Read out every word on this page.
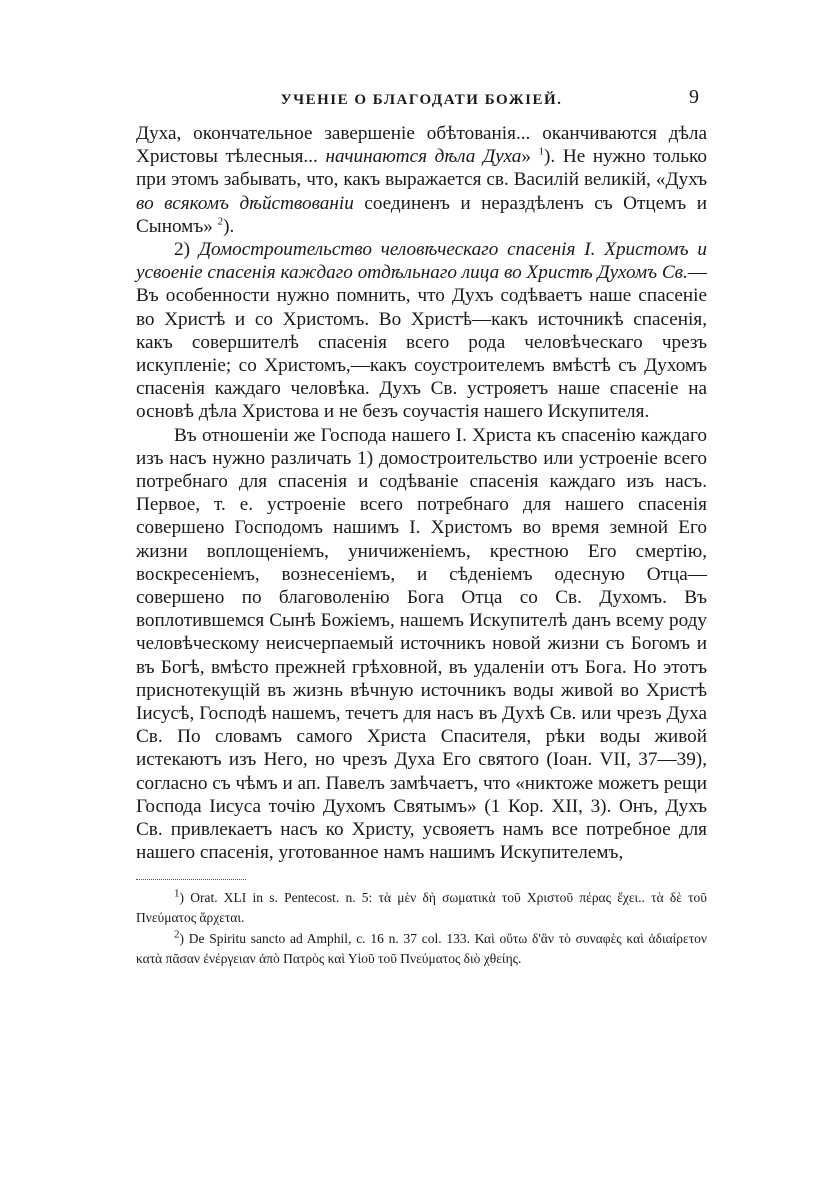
УЧЕНІЕ О БЛАГОДАТИ БОЖІЕЙ.	9

Духа, окончательное завершеніе обѣтованія... оканчиваются дѣла Христовы тѣлесныя... начинаются дѣла Духа» $^1$). Не нужно только при этомъ забывать, что, какъ выражается св. Василій великій, «Духъ во всякомъ дѣйствованіи соединенъ и нераздѣленъ съ Отцемъ и Сыномъ» $^2$).

2) Домостроительство человѣческаго спасенія І. Христомъ и усвоеніе спасенія каждаго отдѣльнаго лица во Христѣ Духомъ Св.—Въ особенности нужно помнить, что Духъ содѣваетъ наше спасеніе во Христѣ и со Христомъ. Во Христѣ—какъ источникѣ спасенія, какъ совершителѣ спасенія всего рода человѣческаго чрезъ искупленіе; со Христомъ,—какъ соустроителемъ вмѣстѣ съ Духомъ спасенія каждаго человѣка. Духъ Св. устрояетъ наше спасеніе на основѣ дѣла Христова и не безъ соучастія нашего Искупителя.

Въ отношеніи же Господа нашего І. Христа къ спасенію каждаго изъ насъ нужно различать 1) домостроительство или устроеніе всего потребнаго для спасенія и содѣваніе спасенія каждаго изъ насъ. Первое, т. е. устроеніе всего потребнаго для нашего спасенія совершено Господомъ нашимъ І. Христомъ во время земной Его жизни воплощеніемъ, уничиженіемъ, крестною Его смертію, воскресеніемъ, вознесеніемъ, и сѣденіемъ одесную Отца—совершено по благоволенію Бога Отца со Св. Духомъ. Въ воплотившемся Сынѣ Божіемъ, нашемъ Искупителѣ данъ всему роду человѣческому неисчерпаемый источникъ новой жизни съ Богомъ и въ Богѣ, вмѣсто прежней грѣховной, въ удаленіи отъ Бога. Но этотъ приснотекущій въ жизнь вѣчную источникъ воды живой во Христѣ Іисусѣ, Господѣ нашемъ, течетъ для насъ въ Духѣ Св. или чрезъ Духа Св. По словамъ самого Христа Спасителя, рѣки воды живой истекаютъ изъ Него, но чрезъ Духа Его святого (Іоан. VII, 37—39), согласно съ чѣмъ и ап. Павелъ замѣчаетъ, что «никтоже можетъ рещи Господа Іисуса точію Духомъ Святымъ» (1 Кор. XII, 3). Онъ, Духъ Св. привлекаетъ насъ ко Христу, усвояетъ намъ все потребное для нашего спасенія, уготованное намъ нашимъ Искупителемъ,

$^1$) Orat. XLI in s. Pentecost. n. 5: τὰ μὲν δὴ σωματικὰ τοῦ Χριστοῦ πέρας ἔχει.. τὰ δὲ τοῦ Πνεύματος ἄρχεται.

$^2$) De Spiritu sancto ad Amphil, c. 16 n. 37 col. 133. Καὶ οὕτω δ'ἂν τὸ συναφὲς καὶ ἀδιαίρετον κατὰ πᾶσαν ἐνέργειαν ἀπὸ Πατρὸς καὶ Υἱοῦ τοῦ Πνεύματος διὸ χθείης.
